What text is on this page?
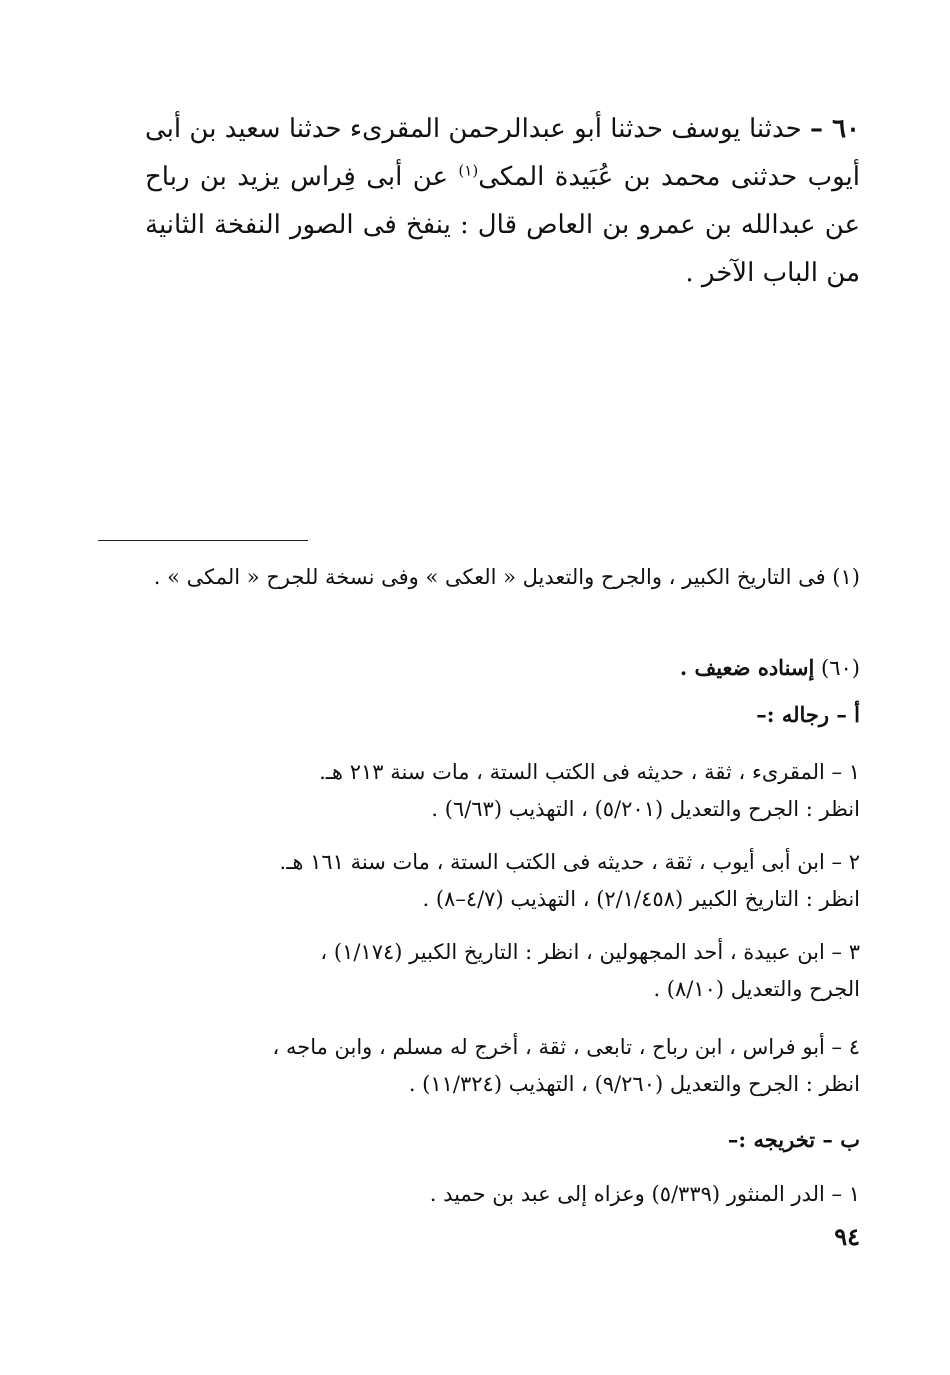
٦٠ – حدثنا يوسف حدثنا أبو عبدالرحمن المقرىء حدثنا سعيد بن أبى أيوب حدثنى محمد بن عُبَيدة المكى$^{(١)}$ عن أبى فِراس يزيد بن رباح عن عبدالله بن عمرو بن العاص قال : ينفخ فى الصور النفخة الثانية من الباب الآخر .

(١) فى التاريخ الكبير ، والجرح والتعديل « العكى » وفى نسخة للجرح « المكى » .

(٦٠) إسناده ضعيف .

أ – رجاله :–

١ – المقرىء ، ثقة ، حديثه فى الكتب الستة ، مات سنة ٢١٣ هـ.

انظر : الجرح والتعديل (٥/٢٠١) ، التهذيب (٦/٦٣) .

٢ – ابن أبى أيوب ، ثقة ، حديثه فى الكتب الستة ، مات سنة ١٦١ هـ.

انظر : التاريخ الكبير (٢/١/٤٥٨) ، التهذيب (٤/٧–٨) .

٣ – ابن عبيدة ، أحد المجهولين ، انظر : التاريخ الكبير (١/١٧٤) ،

الجرح والتعديل (٨/١٠) .

٤ – أبو فراس ، ابن رباح ، تابعى ، ثقة ، أخرج له مسلم ، وابن ماجه ،

انظر : الجرح والتعديل (٩/٢٦٠) ، التهذيب (١١/٣٢٤) .

ب – تخريجه :–

١ – الدر المنثور (٥/٣٣٩) وعزاه إلى عبد بن حميد .

٩٤
